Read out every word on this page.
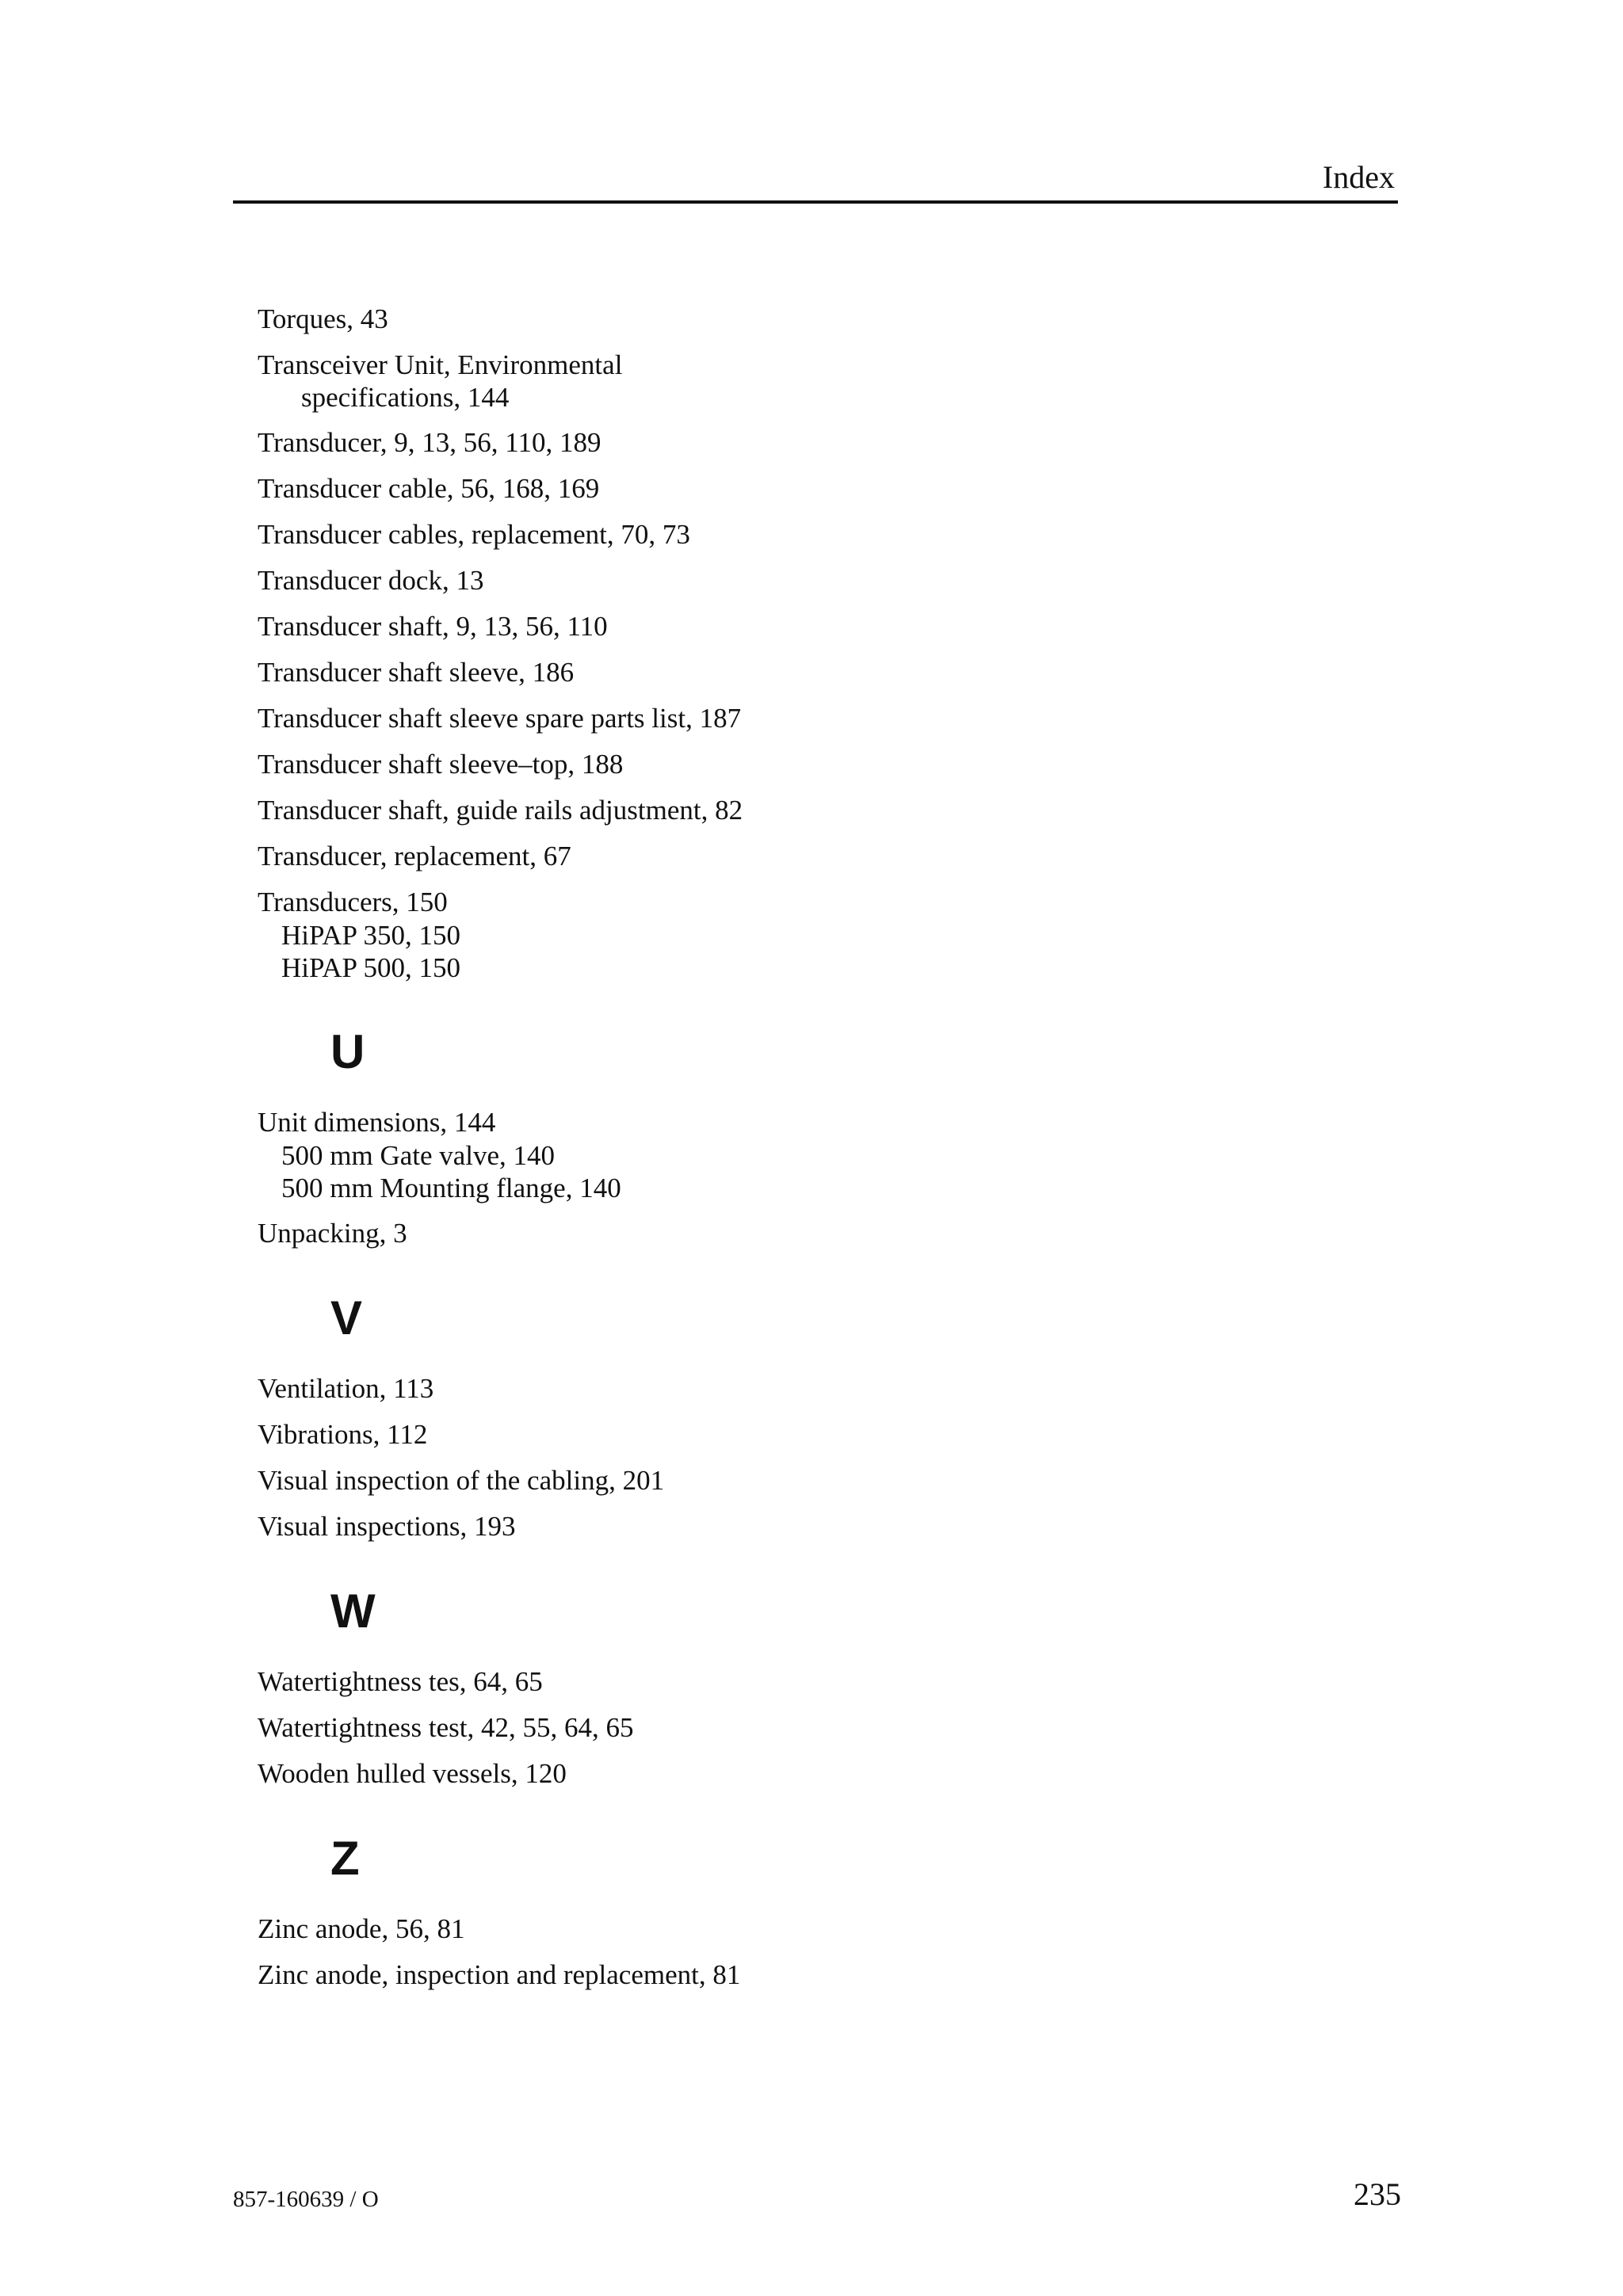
Index
Torques, 43
Transceiver Unit, Environmental
specifications, 144
Transducer, 9, 13, 56, 110, 189
Transducer cable, 56, 168, 169
Transducer cables, replacement, 70, 73
Transducer dock, 13
Transducer shaft, 9, 13, 56, 110
Transducer shaft sleeve, 186
Transducer shaft sleeve spare parts list, 187
Transducer shaft sleeve–top, 188
Transducer shaft, guide rails adjustment, 82
Transducer, replacement, 67
Transducers, 150
HiPAP 350, 150
HiPAP 500, 150
U
Unit dimensions, 144
500 mm Gate valve, 140
500 mm Mounting flange, 140
Unpacking, 3
V
Ventilation, 113
Vibrations, 112
Visual inspection of the cabling, 201
Visual inspections, 193
W
Watertightness tes, 64, 65
Watertightness test, 42, 55, 64, 65
Wooden hulled vessels, 120
Z
Zinc anode, 56, 81
Zinc anode, inspection and replacement, 81
857-160639 / O	235
